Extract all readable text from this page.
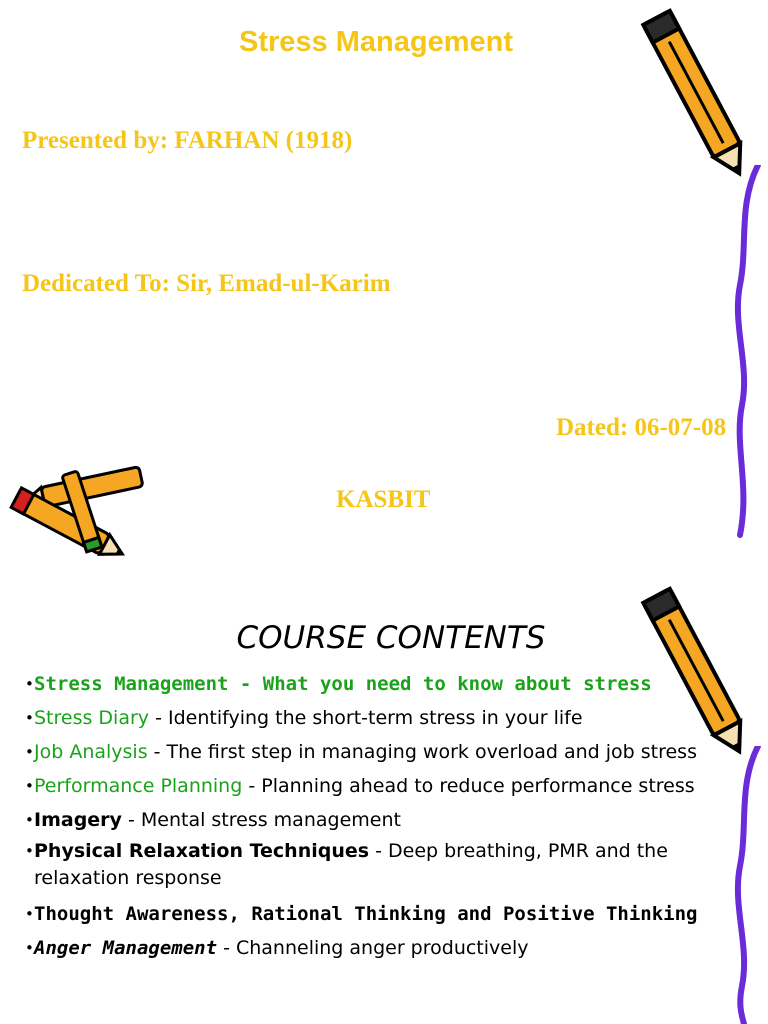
Stress Management
Presented by: FARHAN (1918)
Dedicated To: Sir, Emad-ul-Karim
Dated: 06-07-08
KASBIT
COURSE CONTENTS
• Stress Management - What you need to know about stress
• Stress Diary - Identifying the short-term stress in your life
• Job Analysis - The first step in managing work overload and job stress
• Performance Planning - Planning ahead to reduce performance stress
• Imagery - Mental stress management
• Physical Relaxation Techniques - Deep breathing, PMR and the relaxation response
• Thought Awareness, Rational Thinking and Positive Thinking
• Anger Management - Channeling anger productively
